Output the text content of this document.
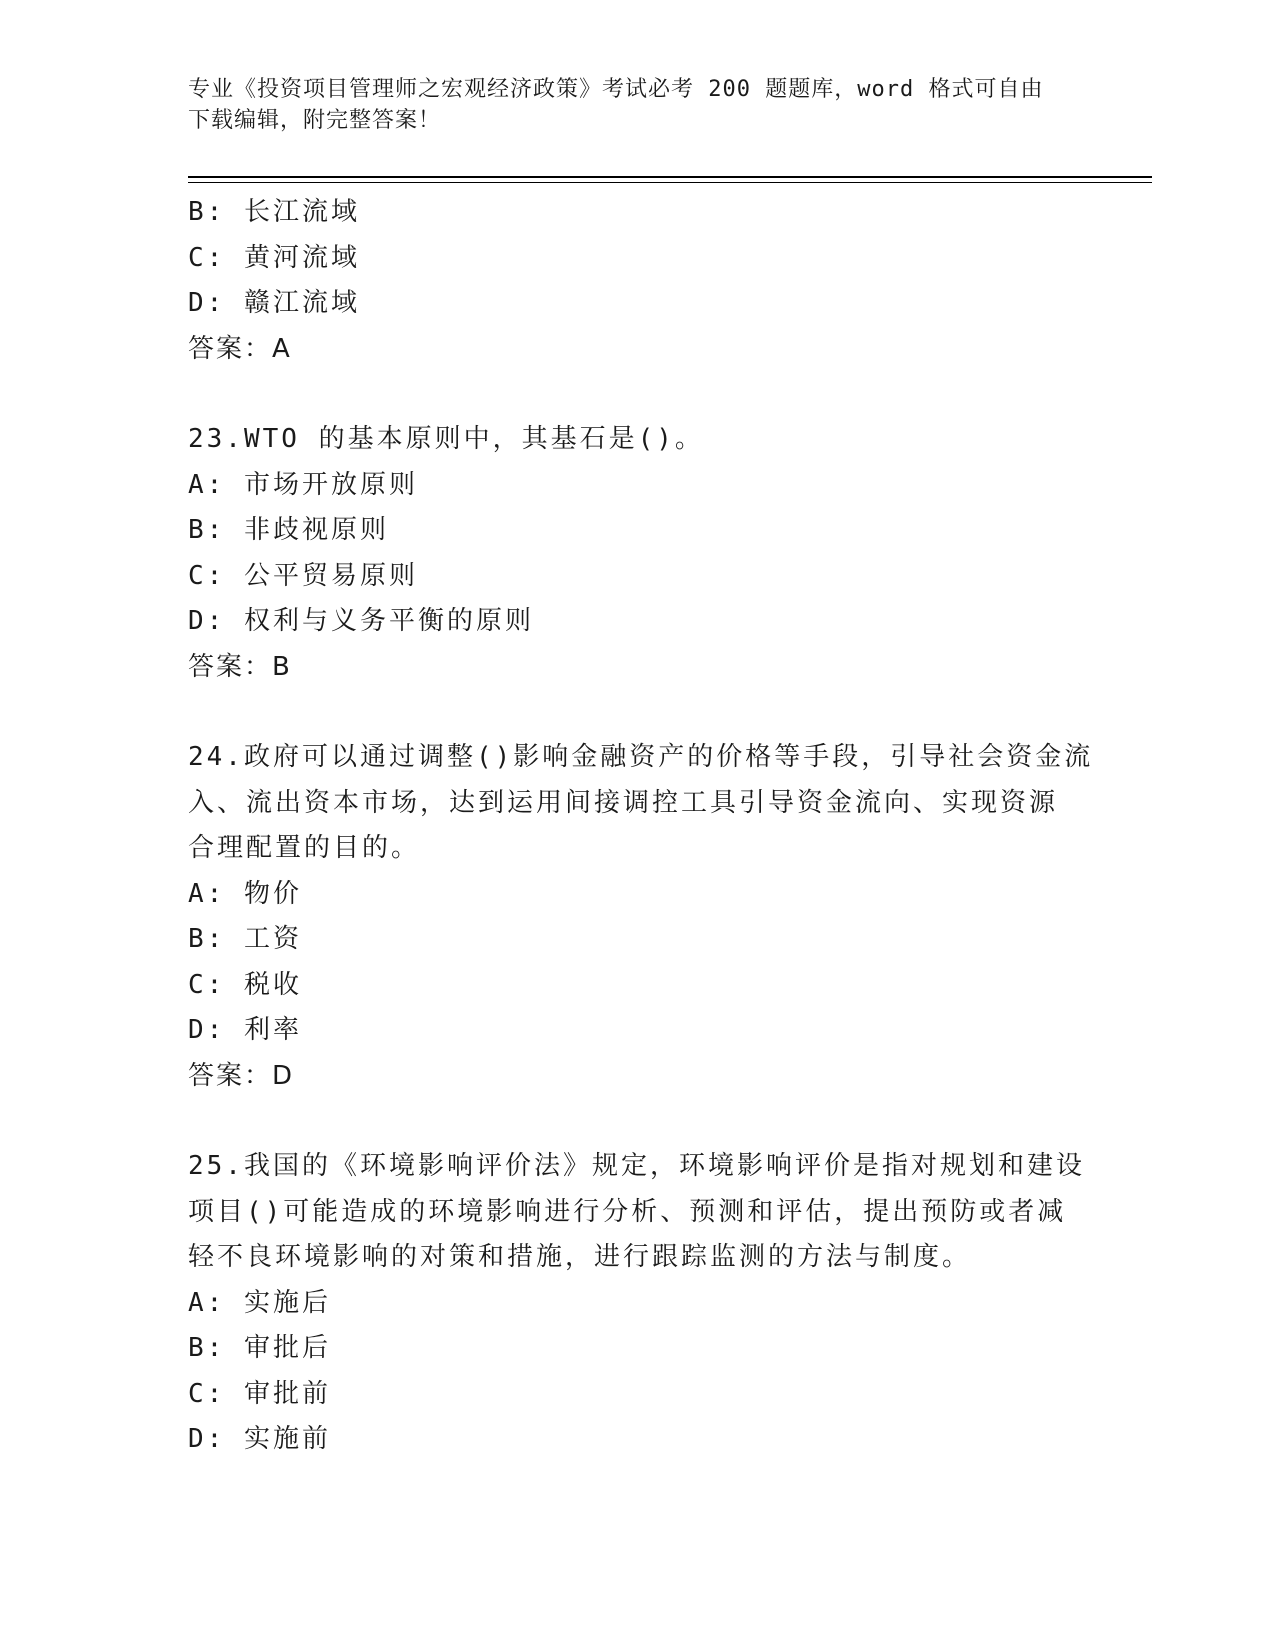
专业《投资项目管理师之宏观经济政策》考试必考 200 题题库，word 格式可自由
下载编辑，附完整答案！
B: 长江流域
C: 黄河流域
D: 赣江流域
答案：A
23.WTO 的基本原则中，其基石是()。
A: 市场开放原则
B: 非歧视原则
C: 公平贸易原则
D: 权利与义务平衡的原则
答案：B
24.政府可以通过调整()影响金融资产的价格等手段，引导社会资金流
入、流出资本市场，达到运用间接调控工具引导资金流向、实现资源
合理配置的目的。
A: 物价
B: 工资
C: 税收
D: 利率
答案：D
25.我国的《环境影响评价法》规定，环境影响评价是指对规划和建设
项目()可能造成的环境影响进行分析、预测和评估，提出预防或者减
轻不良环境影响的对策和措施，进行跟踪监测的方法与制度。
A: 实施后
B: 审批后
C: 审批前
D: 实施前
